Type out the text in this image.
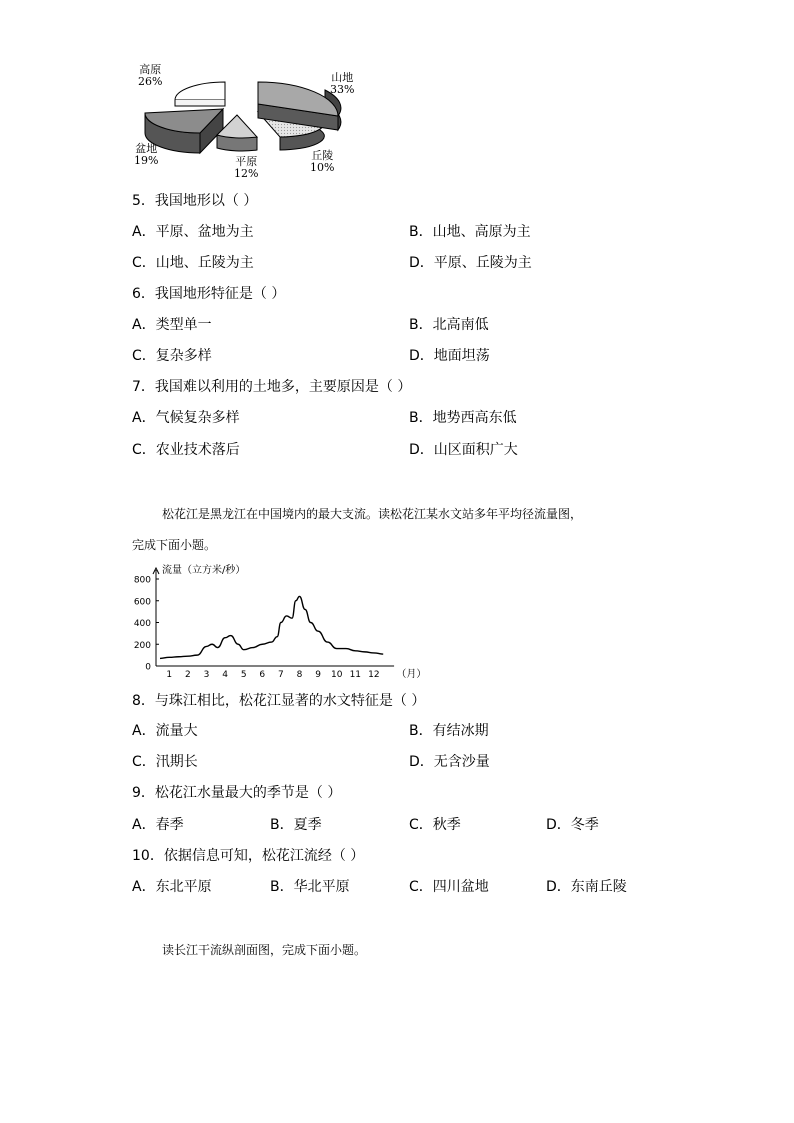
高原
26%	山地
33%
丘陵
10%
平原
12%
盆地
19%
5．我国地形以（ ）
A．平原、盆地为主	B．山地、高原为主
C．山地、丘陵为主	D．平原、丘陵为主
6．我国地形特征是（ ）
A．类型单一	B．北高南低
C．复杂多样	D．地面坦荡
7．我国难以利用的土地多，主要原因是（ ）
A．气候复杂多样	B．地势西高东低
C．农业技术落后	D．山区面积广大
松花江是黑龙江在中国境内的最大支流。读松花江某水文站多年平均径流量图，
完成下面小题。
流量（立方米/秒）
800
600
400
200
0
1 2 3 4 5 6 7 8 9 10 11 12 （月）
8．与珠江相比，松花江显著的水文特征是（ ）
A．流量大	B．有结冰期
C．汛期长	D．无含沙量
9．松花江水量最大的季节是（ ）
A．春季	B．夏季	C．秋季	D．冬季
10．依据信息可知，松花江流经（ ）
A．东北平原	B．华北平原	C．四川盆地	D．东南丘陵
读长江干流纵剖面图，完成下面小题。
